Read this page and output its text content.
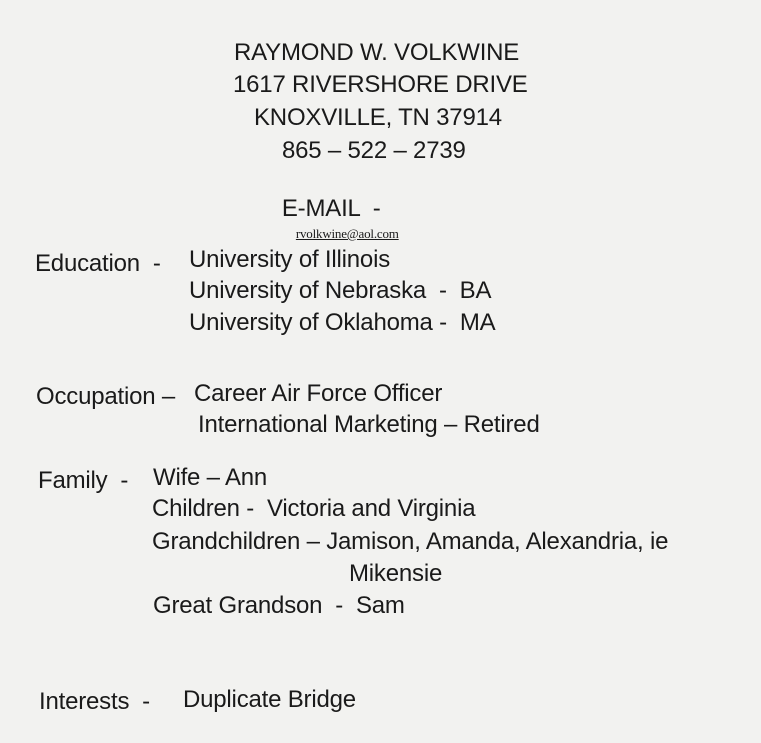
RAYMOND W. VOLKWINE
1617 RIVERSHORE DRIVE
KNOXVILLE, TN 37914
865 – 522 – 2739

E-MAIL  -
rvolkwine@aol.com

Education  - University of Illinois
University of Nebraska  -  BA
University of Oklahoma -  MA
Occupation – Career Air Force Officer
International Marketing – Retired
Family  - Wife – Ann
Children -  Victoria and Virginia
Grandchildren – Jamison, Amanda, Alexandria, ie
Mikensie
Great Grandson  -  Sam
Interests  - Duplicate Bridge
